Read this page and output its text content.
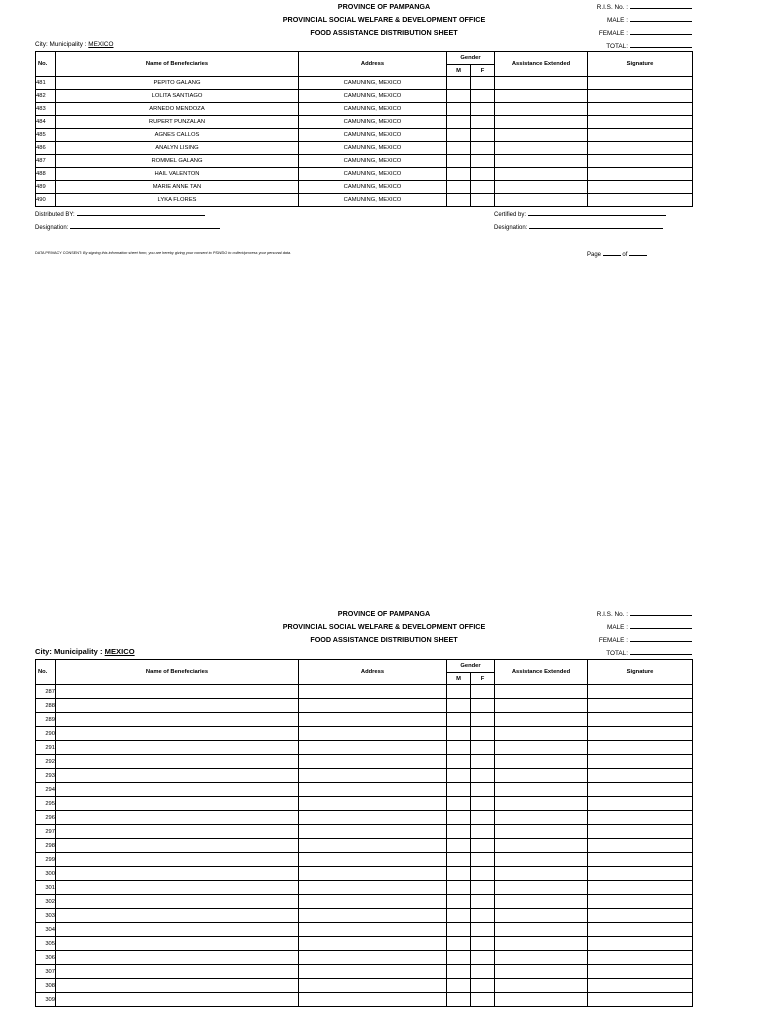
PROVINCE OF PAMPANGA
PROVINCIAL SOCIAL WELFARE & DEVELOPMENT OFFICE
FOOD ASSISTANCE DISTRIBUTION SHEET
R.I.S. No. :
MALE :
FEMALE :
TOTAL:
City: Municipality : MEXICO
No.	Name of Benefeciaries	Address	Gender		Assistance Extended	Signature
			M	F		
481	PEPITO GALANG	CAMUNING, MEXICO				
482	LOLITA SANTIAGO	CAMUNING, MEXICO				
483	ARNEDO MENDOZA	CAMUNING, MEXICO				
484	RUPERT PUNZALAN	CAMUNING, MEXICO				
485	AGNES CALLOS	CAMUNING, MEXICO				
486	ANALYN LISING	CAMUNING, MEXICO				
487	ROMMEL GALANG	CAMUNING, MEXICO				
488	HAIL VALENTON	CAMUNING, MEXICO				
489	MARIE ANNE TAN	CAMUNING, MEXICO				
490	LYKA FLORES	CAMUNING, MEXICO				
Distributed BY:
Designation:
Certified by:
Designation:
DATA PRIVACY CONSENT: By signing this information sheet form, you are hereby giving your consent to PSWDO to collect/process your personal data.	Page	of
PROVINCE OF PAMPANGA
PROVINCIAL SOCIAL WELFARE & DEVELOPMENT OFFICE
FOOD ASSISTANCE DISTRIBUTION SHEET
R.I.S. No. :
MALE :
FEMALE :
TOTAL:
City: Municipality : MEXICO
No.	Name of Benefeciaries	Address	Gender		Assistance Extended	Signature
			M	F		
287						
288						
289						
290						
291						
292						
293						
294						
295						
296						
297						
298						
299						
300						
301						
302						
303						
304						
305						
306						
307						
308						
309						
